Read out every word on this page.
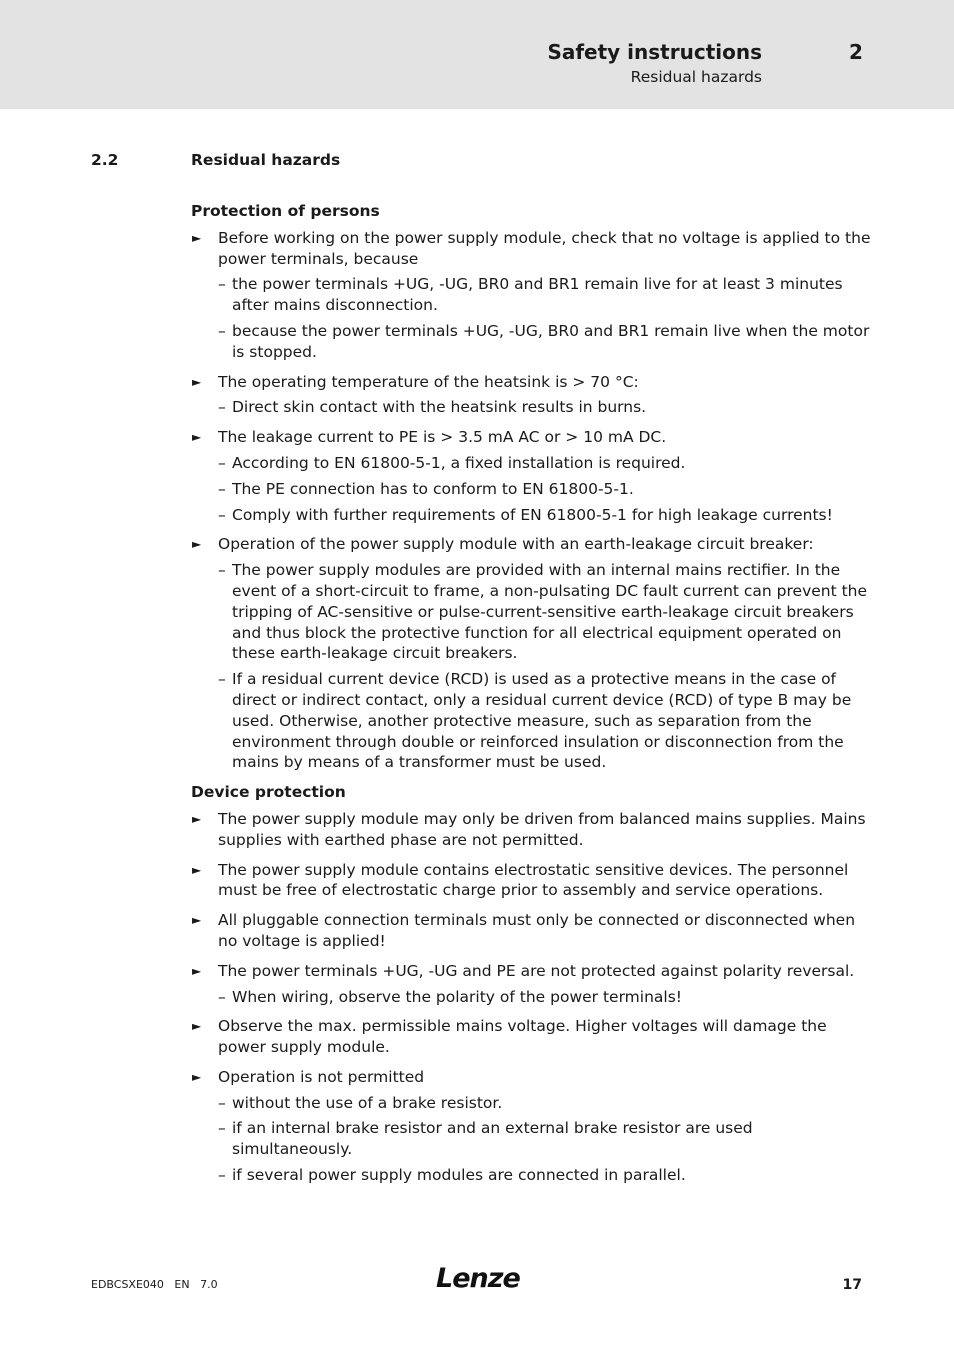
Safety instructions
Residual hazards
2
2.2	Residual hazards
Protection of persons
► Before working on the power supply module, check that no voltage is applied to the power terminals, because
– the power terminals +UG, -UG, BR0 and BR1 remain live for at least 3 minutes after mains disconnection.
– because the power terminals +UG, -UG, BR0 and BR1 remain live when the motor is stopped.
► The operating temperature of the heatsink is > 70 °C:
– Direct skin contact with the heatsink results in burns.
► The leakage current to PE is > 3.5 mA AC or > 10 mA DC.
– According to EN 61800-5-1, a fixed installation is required.
– The PE connection has to conform to EN 61800-5-1.
– Comply with further requirements of EN 61800-5-1 for high leakage currents!
► Operation of the power supply module with an earth-leakage circuit breaker:
– The power supply modules are provided with an internal mains rectifier. In the event of a short-circuit to frame, a non-pulsating DC fault current can prevent the tripping of AC-sensitive or pulse-current-sensitive earth-leakage circuit breakers and thus block the protective function for all electrical equipment operated on these earth-leakage circuit breakers.
– If a residual current device (RCD) is used as a protective means in the case of direct or indirect contact, only a residual current device (RCD) of type B may be used. Otherwise, another protective measure, such as separation from the environment through double or reinforced insulation or disconnection from the mains by means of a transformer must be used.
Device protection
► The power supply module may only be driven from balanced mains supplies. Mains supplies with earthed phase are not permitted.
► The power supply module contains electrostatic sensitive devices. The personnel must be free of electrostatic charge prior to assembly and service operations.
► All pluggable connection terminals must only be connected or disconnected when no voltage is applied!
► The power terminals +UG, -UG and PE are not protected against polarity reversal.
– When wiring, observe the polarity of the power terminals!
► Observe the max. permissible mains voltage. Higher voltages will damage the power supply module.
► Operation is not permitted
– without the use of a brake resistor.
– if an internal brake resistor and an external brake resistor are used simultaneously.
– if several power supply modules are connected in parallel.
EDBCSXE040   EN   7.0	Lenze	17
